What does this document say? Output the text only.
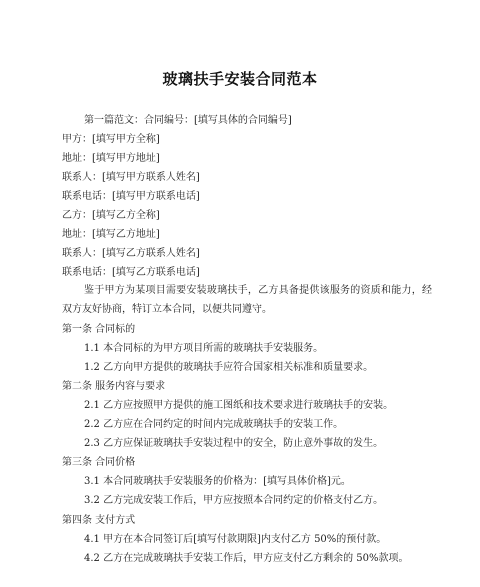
玻璃扶手安装合同范本
第一篇范文：合同编号：[填写具体的合同编号]
甲方：[填写甲方全称]
地址：[填写甲方地址]
联系人：[填写甲方联系人姓名]
联系电话：[填写甲方联系电话]
乙方：[填写乙方全称]
地址：[填写乙方地址]
联系人：[填写乙方联系人姓名]
联系电话：[填写乙方联系电话]
鉴于甲方为某项目需要安装玻璃扶手，乙方具备提供该服务的资质和能力，经双方友好协商，特订立本合同，以便共同遵守。
第一条 合同标的
1.1 本合同标的为甲方项目所需的玻璃扶手安装服务。
1.2 乙方向甲方提供的玻璃扶手应符合国家相关标准和质量要求。
第二条 服务内容与要求
2.1 乙方应按照甲方提供的施工图纸和技术要求进行玻璃扶手的安装。
2.2 乙方应在合同约定的时间内完成玻璃扶手的安装工作。
2.3 乙方应保证玻璃扶手安装过程中的安全，防止意外事故的发生。
第三条 合同价格
3.1 本合同玻璃扶手安装服务的价格为：[填写具体价格]元。
3.2 乙方完成安装工作后，甲方应按照本合同约定的价格支付乙方。
第四条 支付方式
4.1 甲方在本合同签订后[填写付款期限]内支付乙方 50%的预付款。
4.2 乙方在完成玻璃扶手安装工作后，甲方应支付乙方剩余的 50%款项。
